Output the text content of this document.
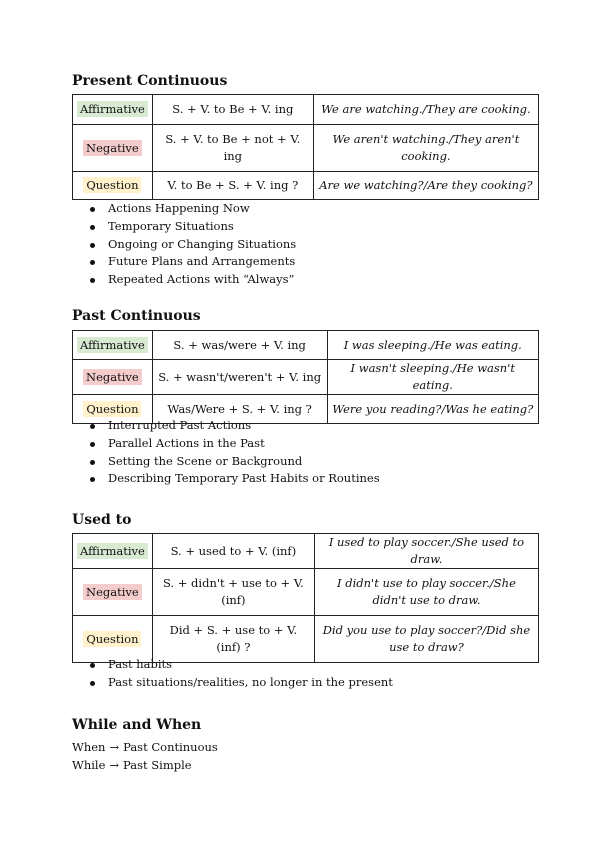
Present Continuous
Affirmative	S. + V. to Be + V. ing	We are watching./They are cooking.
Negative	S. + V. to Be + not + V. ing	We aren't watching./They aren't cooking.
Question	V. to Be + S. + V. ing ?	Are we watching?/Are they cooking?
Actions Happening Now
Temporary Situations
Ongoing or Changing Situations
Future Plans and Arrangements
Repeated Actions with “Always”
Past Continuous
Affirmative	S. + was/were + V. ing	I was sleeping./He was eating.
Negative	S. + wasn't/weren't + V. ing	I wasn't sleeping./He wasn't eating.
Question	Was/Were + S. + V. ing ?	Were you reading?/Was he eating?
Interrupted Past Actions
Parallel Actions in the Past
Setting the Scene or Background
Describing Temporary Past Habits or Routines
Used to
Affirmative	S. + used to + V. (inf)	I used to play soccer./She used to draw.
Negative	S. + didn't + use to + V. (inf)	I didn't use to play soccer./She didn't use to draw.
Question	Did + S. + use to + V. (inf) ?	Did you use to play soccer?/Did she use to draw?
Past habits
Past situations/realities, no longer in the present
While and When
When → Past Continuous
While → Past Simple
